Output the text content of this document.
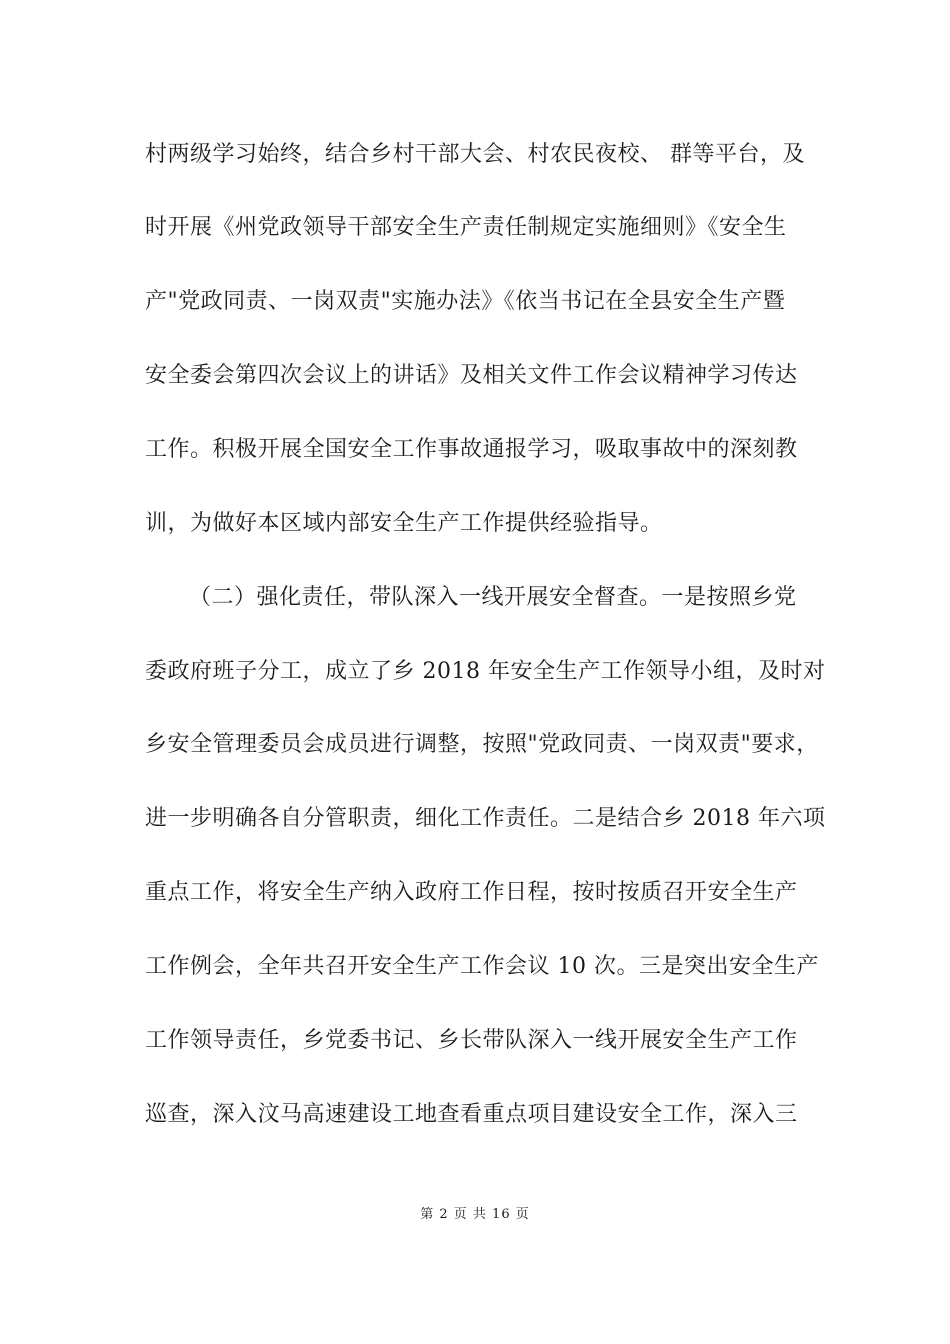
村两级学习始终，结合乡村干部大会、村农民夜校、 群等平台，及
时开展《州党政领导干部安全生产责任制规定实施细则》《安全生
产"党政同责、一岗双责"实施办法》《依当书记在全县安全生产暨
安全委会第四次会议上的讲话》及相关文件工作会议精神学习传达
工作。积极开展全国安全工作事故通报学习，吸取事故中的深刻教
训，为做好本区域内部安全生产工作提供经验指导。
（二）强化责任，带队深入一线开展安全督查。一是按照乡党
委政府班子分工，成立了乡 2018 年安全生产工作领导小组，及时对
乡安全管理委员会成员进行调整，按照"党政同责、一岗双责"要求，
进一步明确各自分管职责，细化工作责任。二是结合乡 2018 年六项
重点工作，将安全生产纳入政府工作日程，按时按质召开安全生产
工作例会，全年共召开安全生产工作会议 10 次。三是突出安全生产
工作领导责任，乡党委书记、乡长带队深入一线开展安全生产工作
巡查，深入汶马高速建设工地查看重点项目建设安全工作，深入三
第 2 页 共 16 页
